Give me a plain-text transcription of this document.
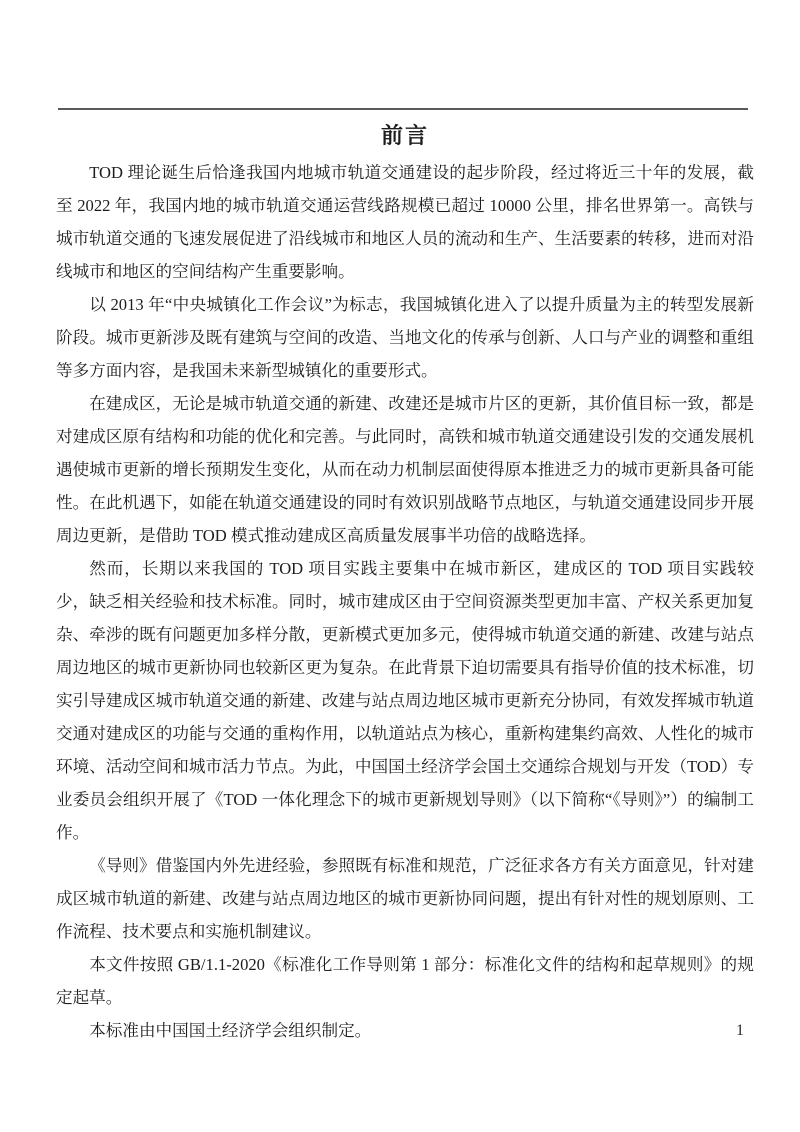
前言

TOD 理论诞生后恰逢我国内地城市轨道交通建设的起步阶段，经过将近三十年的发展，截至 2022 年，我国内地的城市轨道交通运营线路规模已超过 10000 公里，排名世界第一。高铁与城市轨道交通的飞速发展促进了沿线城市和地区人员的流动和生产、生活要素的转移，进而对沿线城市和地区的空间结构产生重要影响。

以 2013 年“中央城镇化工作会议”为标志，我国城镇化进入了以提升质量为主的转型发展新阶段。城市更新涉及既有建筑与空间的改造、当地文化的传承与创新、人口与产业的调整和重组等多方面内容，是我国未来新型城镇化的重要形式。

在建成区，无论是城市轨道交通的新建、改建还是城市片区的更新，其价值目标一致，都是对建成区原有结构和功能的优化和完善。与此同时，高铁和城市轨道交通建设引发的交通发展机遇使城市更新的增长预期发生变化，从而在动力机制层面使得原本推进乏力的城市更新具备可能性。在此机遇下，如能在轨道交通建设的同时有效识别战略节点地区，与轨道交通建设同步开展周边更新，是借助 TOD 模式推动建成区高质量发展事半功倍的战略选择。

然而，长期以来我国的 TOD 项目实践主要集中在城市新区，建成区的 TOD 项目实践较少，缺乏相关经验和技术标准。同时，城市建成区由于空间资源类型更加丰富、产权关系更加复杂、牵涉的既有问题更加多样分散，更新模式更加多元，使得城市轨道交通的新建、改建与站点周边地区的城市更新协同也较新区更为复杂。在此背景下迫切需要具有指导价值的技术标准，切实引导建成区城市轨道交通的新建、改建与站点周边地区城市更新充分协同，有效发挥城市轨道交通对建成区的功能与交通的重构作用，以轨道站点为核心，重新构建集约高效、人性化的城市环境、活动空间和城市活力节点。为此，中国国土经济学会国土交通综合规划与开发（TOD）专业委员会组织开展了《TOD 一体化理念下的城市更新规划导则》（以下简称“《导则》”）的编制工作。

《导则》借鉴国内外先进经验，参照既有标准和规范，广泛征求各方有关方面意见，针对建成区城市轨道的新建、改建与站点周边地区的城市更新协同问题，提出有针对性的规划原则、工作流程、技术要点和实施机制建议。

本文件按照 GB/1.1-2020《标准化工作导则第 1 部分：标准化文件的结构和起草规则》的规定起草。

本标准由中国国土经济学会组织制定。	1
